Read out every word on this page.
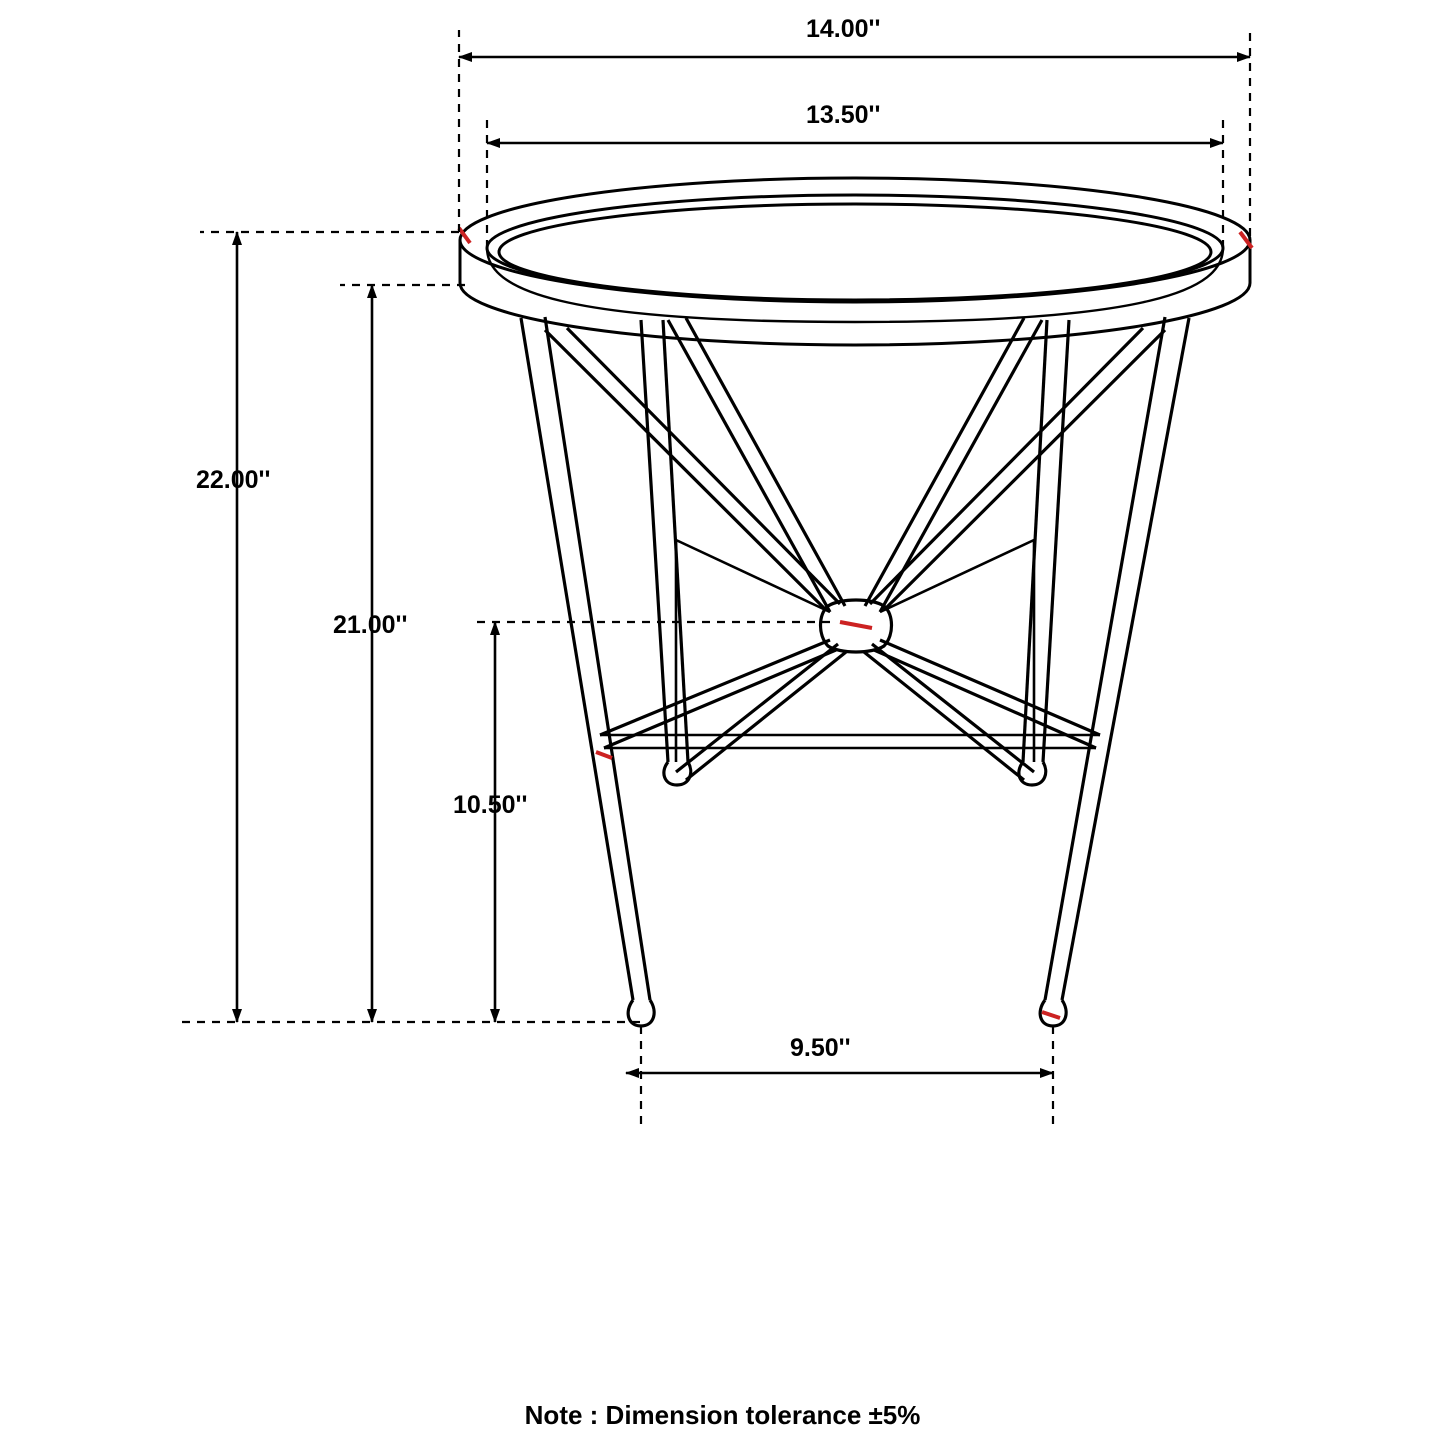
14.00''
13.50''
22.00''
21.00''
10.50''
9.50''
Note : Dimension tolerance ±5%
